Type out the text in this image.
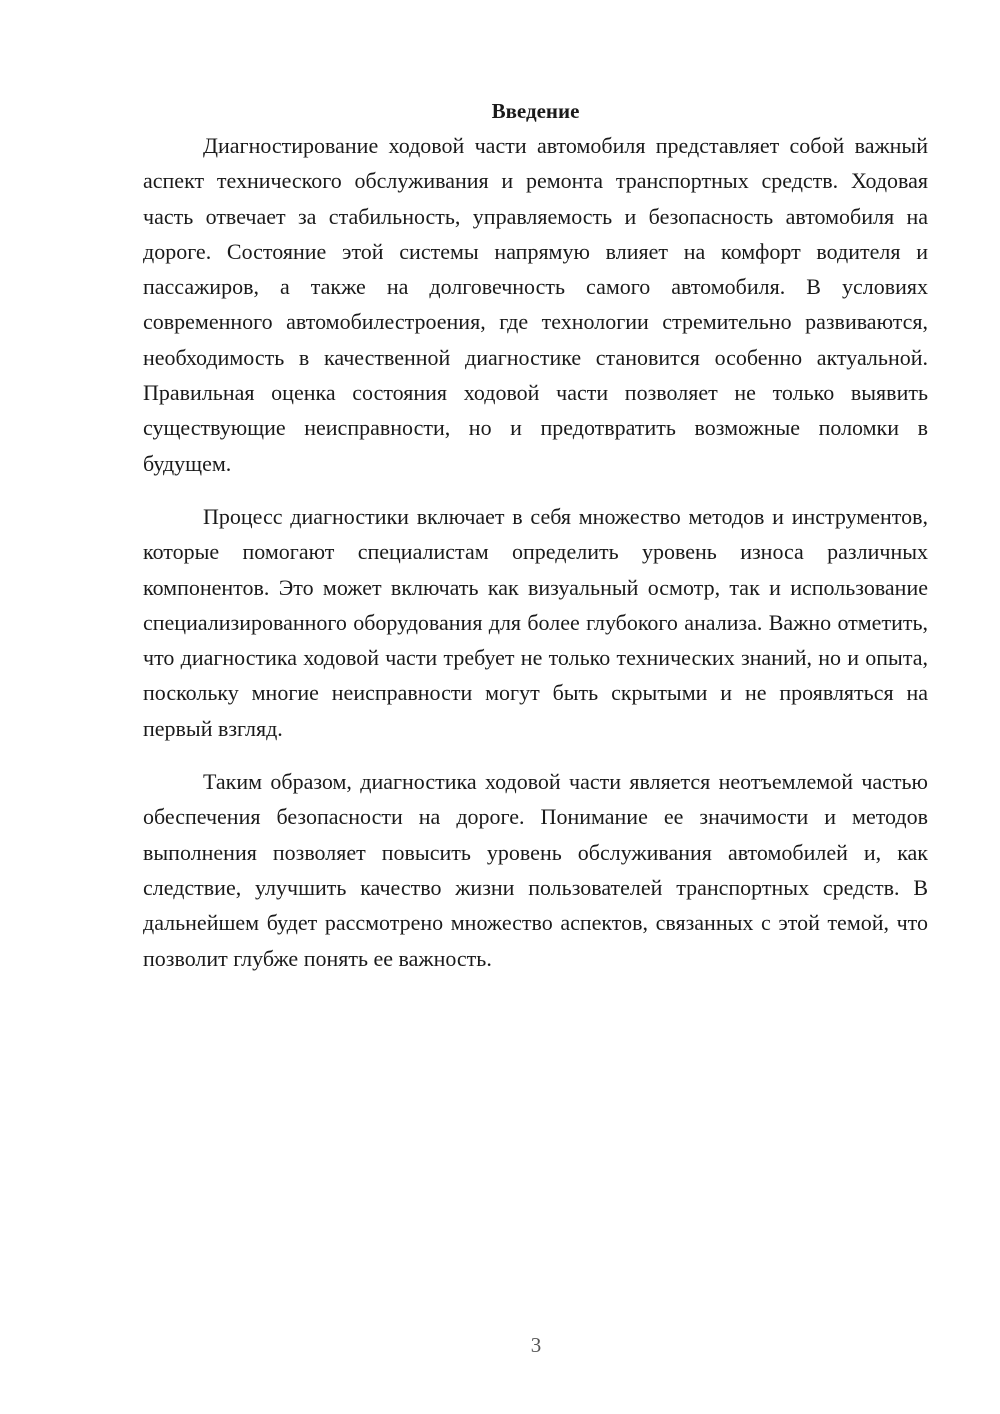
Введение

Диагностирование ходовой части автомобиля представляет собой важный аспект технического обслуживания и ремонта транспортных средств. Ходовая часть отвечает за стабильность, управляемость и безопасность автомобиля на дороге. Состояние этой системы напрямую влияет на комфорт водителя и пассажиров, а также на долговечность самого автомобиля. В условиях современного автомобилестроения, где технологии стремительно развиваются, необходимость в качественной диагностике становится особенно актуальной. Правильная оценка состояния ходовой части позволяет не только выявить существующие неисправности, но и предотвратить возможные поломки в будущем.

Процесс диагностики включает в себя множество методов и инструментов, которые помогают специалистам определить уровень износа различных компонентов. Это может включать как визуальный осмотр, так и использование специализированного оборудования для более глубокого анализа. Важно отметить, что диагностика ходовой части требует не только технических знаний, но и опыта, поскольку многие неисправности могут быть скрытыми и не проявляться на первый взгляд.

Таким образом, диагностика ходовой части является неотъемлемой частью обеспечения безопасности на дороге. Понимание ее значимости и методов выполнения позволяет повысить уровень обслуживания автомобилей и, как следствие, улучшить качество жизни пользователей транспортных средств. В дальнейшем будет рассмотрено множество аспектов, связанных с этой темой, что позволит глубже понять ее важность.

3
